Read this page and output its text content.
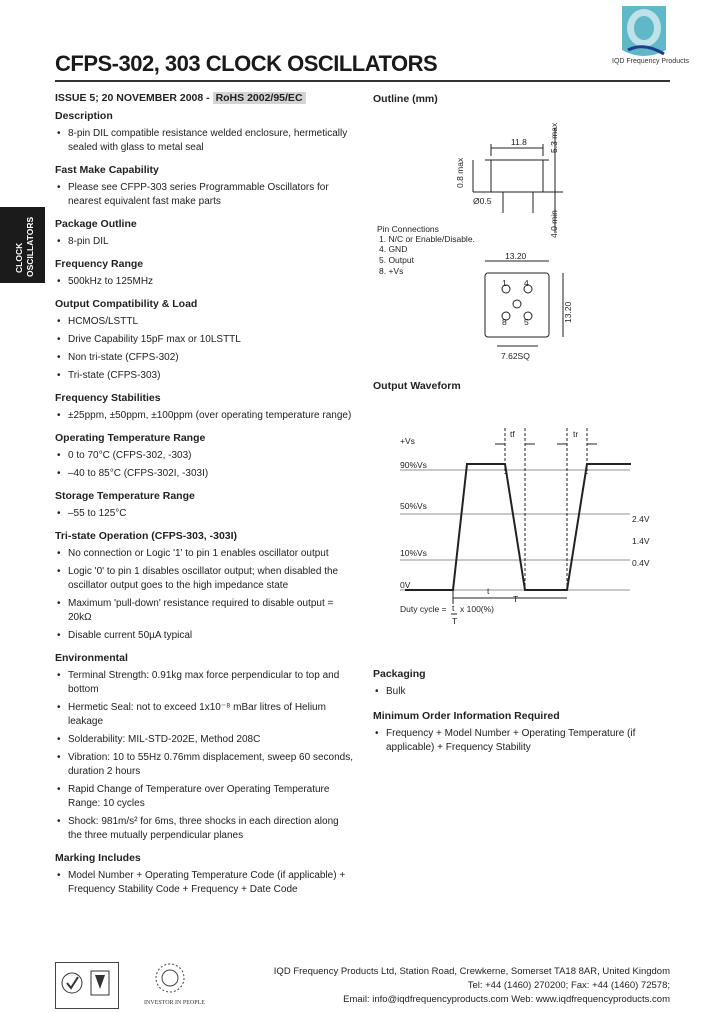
IQD Frequency Products
CFPS-302, 303 CLOCK OSCILLATORS
ISSUE 5; 20 NOVEMBER 2008 - RoHS 2002/95/EC
CLOCK OSCILLATORS
Description
• 8-pin DIL compatible resistance welded enclosure, hermetically sealed with glass to metal seal
Fast Make Capability
• Please see CFPP-303 series Programmable Oscillators for nearest equivalent fast make parts
Package Outline
• 8-pin DIL
Frequency Range
• 500kHz to 125MHz
Output Compatibility & Load
• HCMOS/LSTTL
• Drive Capability 15pF max or 10LSTTL
• Non tri-state (CFPS-302)
• Tri-state (CFPS-303)
Frequency Stabilities
• ±25ppm, ±50ppm, ±100ppm (over operating temperature range)
Operating Temperature Range
• 0 to 70°C (CFPS-302, -303)
• –40 to 85°C (CFPS-302I, -303I)
Storage Temperature Range
• –55 to 125°C
Tri-state Operation (CFPS-303, -303I)
• No connection or Logic '1' to pin 1 enables oscillator output
• Logic '0' to pin 1 disables oscillator output; when disabled the oscillator output goes to the high impedance state
• Maximum 'pull-down' resistance required to disable output = 20kΩ
• Disable current 50µA typical
Environmental
• Terminal Strength: 0.91kg max force perpendicular to top and bottom
• Hermetic Seal: not to exceed 1x10⁻⁸ mBar litres of Helium leakage
• Solderability: MIL-STD-202E, Method 208C
• Vibration: 10 to 55Hz 0.76mm displacement, sweep 60 seconds, duration 2 hours
• Rapid Change of Temperature over Operating Temperature Range: 10 cycles
• Shock: 981m/s² for 6ms, three shocks in each direction along the three mutually perpendicular planes
Marking Includes
• Model Number + Operating Temperature Code (if applicable) + Frequency Stability Code + Frequency + Date Code
Outline (mm)
11.8
0.8 max
5.3 max
4.0 min
Ø0.5
Pin Connections
1. N/C or Enable/Disable.
4. GND
5. Output
8. +Vs
13.20
13.20
7.62SQ
1 4
8 5
Output Waveform
tf	tr
+Vs
90%Vs
50%Vs
10%Vs
0V
2.4V
1.4V
0.4V
t
T
Duty cycle = t
T
x 100(%)
Packaging
• Bulk
Minimum Order Information Required
• Frequency + Model Number + Operating Temperature (if applicable) + Frequency Stability
INVESTOR IN PEOPLE
IQD Frequency Products Ltd, Station Road, Crewkerne, Somerset TA18 8AR, United Kingdom
Tel: +44 (1460) 270200; Fax: +44 (1460) 72578;
Email: info@iqdfrequencyproducts.com Web: www.iqdfrequencyproducts.com
